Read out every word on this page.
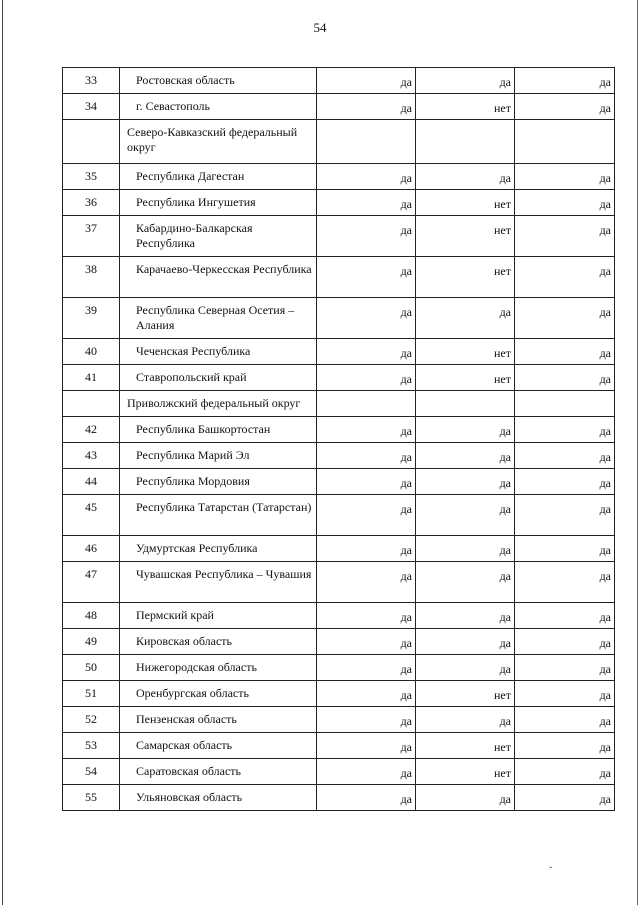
54
33	Ростовская область	да	да	да
34	г. Севастополь	да	нет	да
	Северо-Кавказский федеральный округ			
35	Республика Дагестан	да	да	да
36	Республика Ингушетия	да	нет	да
37	Кабардино-Балкарская Республика	да	нет	да
38	Карачаево-Черкесская Республика	да	нет	да
39	Республика Северная Осетия – Алания	да	да	да
40	Чеченская Республика	да	нет	да
41	Ставропольский край	да	нет	да
	Приволжский федеральный округ			
42	Республика Башкортостан	да	да	да
43	Республика Марий Эл	да	да	да
44	Республика Мордовия	да	да	да
45	Республика Татарстан (Татарстан)	да	да	да
46	Удмуртская Республика	да	да	да
47	Чувашская Республика – Чувашия	да	да	да
48	Пермский край	да	да	да
49	Кировская область	да	да	да
50	Нижегородская область	да	да	да
51	Оренбургская область	да	нет	да
52	Пензенская область	да	да	да
53	Самарская область	да	нет	да
54	Саратовская область	да	нет	да
55	Ульяновская область	да	да	да
ˇ
